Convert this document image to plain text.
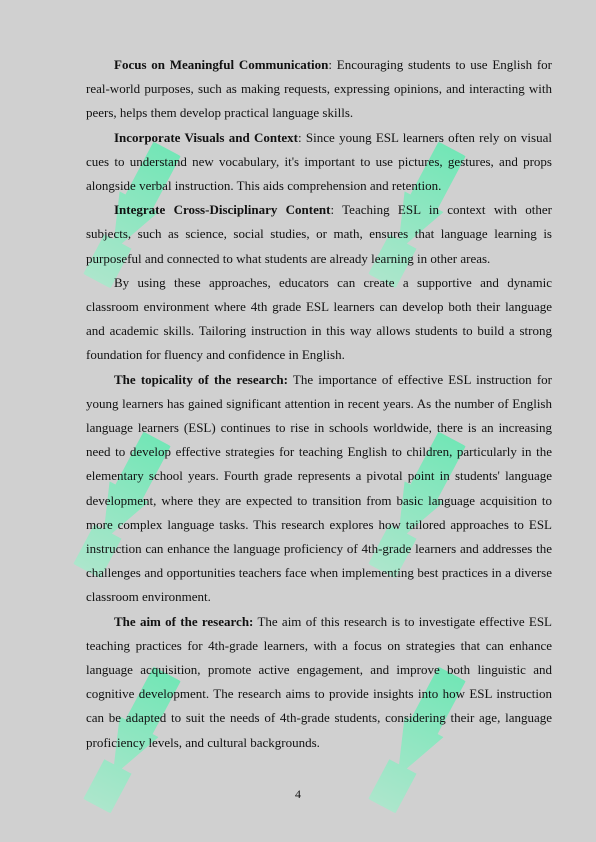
Focus on Meaningful Communication: Encouraging students to use English for real-world purposes, such as making requests, expressing opinions, and interacting with peers, helps them develop practical language skills.

Incorporate Visuals and Context: Since young ESL learners often rely on visual cues to understand new vocabulary, it's important to use pictures, gestures, and props alongside verbal instruction. This aids comprehension and retention.

Integrate Cross-Disciplinary Content: Teaching ESL in context with other subjects, such as science, social studies, or math, ensures that language learning is purposeful and connected to what students are already learning in other areas.

By using these approaches, educators can create a supportive and dynamic classroom environment where 4th grade ESL learners can develop both their language and academic skills. Tailoring instruction in this way allows students to build a strong foundation for fluency and confidence in English.

The topicality of the research: The importance of effective ESL instruction for young learners has gained significant attention in recent years. As the number of English language learners (ESL) continues to rise in schools worldwide, there is an increasing need to develop effective strategies for teaching English to children, particularly in the elementary school years. Fourth grade represents a pivotal point in students' language development, where they are expected to transition from basic language acquisition to more complex language tasks. This research explores how tailored approaches to ESL instruction can enhance the language proficiency of 4th-grade learners and addresses the challenges and opportunities teachers face when implementing best practices in a diverse classroom environment.

The aim of the research: The aim of this research is to investigate effective ESL teaching practices for 4th-grade learners, with a focus on strategies that can enhance language acquisition, promote active engagement, and improve both linguistic and cognitive development. The research aims to provide insights into how ESL instruction can be adapted to suit the needs of 4th-grade students, considering their age, language proficiency levels, and cultural backgrounds.

4
